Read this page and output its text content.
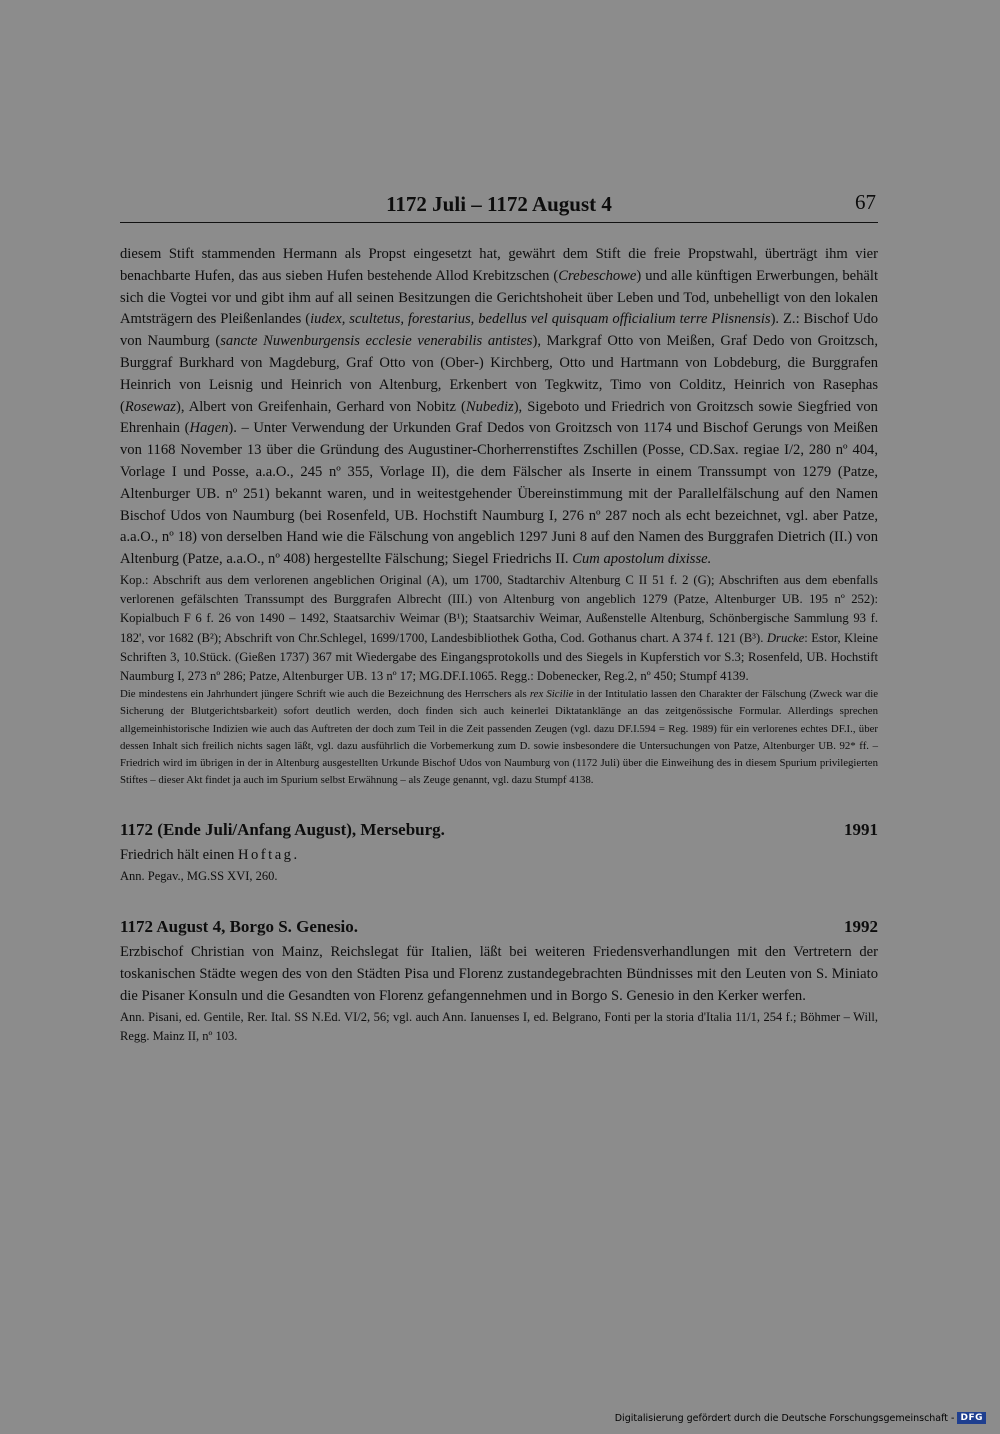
1172 Juli – 1172 August 4	67

diesem Stift stammenden Hermann als Propst eingesetzt hat, gewährt dem Stift die freie Propstwahl, überträgt ihm vier benachbarte Hufen, das aus sieben Hufen bestehende Allod Krebitzschen (Crebeschowe) und alle künftigen Erwerbungen, behält sich die Vogtei vor und gibt ihm auf all seinen Besitzungen die Gerichtshoheit über Leben und Tod, unbehelligt von den lokalen Amtsträgern des Pleißenlandes (iudex, scultetus, forestarius, bedellus vel quisquam officialium terre Plisnensis). Z.: Bischof Udo von Naumburg (sancte Nuwenburgensis ecclesie venerabilis antistes), Markgraf Otto von Meißen, Graf Dedo von Groitzsch, Burggraf Burkhard von Magdeburg, Graf Otto von (Ober-) Kirchberg, Otto und Hartmann von Lobdeburg, die Burggrafen Heinrich von Leisnig und Heinrich von Altenburg, Erkenbert von Tegkwitz, Timo von Colditz, Heinrich von Rasephas (Rosewaz), Albert von Greifenhain, Gerhard von Nobitz (Nubediz), Sigeboto und Friedrich von Groitzsch sowie Siegfried von Ehrenhain (Hagen). – Unter Verwendung der Urkunden Graf Dedos von Groitzsch von 1174 und Bischof Gerungs von Meißen von 1168 November 13 über die Gründung des Augustiner-Chorherrenstiftes Zschillen (Posse, CD.Sax. regiae I/2, 280 nº 404, Vorlage I und Posse, a.a.O., 245 nº 355, Vorlage II), die dem Fälscher als Inserte in einem Transsumpt von 1279 (Patze, Altenburger UB. nº 251) bekannt waren, und in weitestgehender Übereinstimmung mit der Parallelfälschung auf den Namen Bischof Udos von Naumburg (bei Rosenfeld, UB. Hochstift Naumburg I, 276 nº 287 noch als echt bezeichnet, vgl. aber Patze, a.a.O., nº 18) von derselben Hand wie die Fälschung von angeblich 1297 Juni 8 auf den Namen des Burggrafen Dietrich (II.) von Altenburg (Patze, a.a.O., nº 408) hergestellte Fälschung; Siegel Friedrichs II. Cum apostolum dixisse.

Kop.: Abschrift aus dem verlorenen angeblichen Original (A), um 1700, Stadtarchiv Altenburg C II 51 f. 2 (G); Abschriften aus dem ebenfalls verlorenen gefälschten Transsumpt des Burggrafen Albrecht (III.) von Altenburg von angeblich 1279 (Patze, Altenburger UB. 195 nº 252): Kopialbuch F 6 f. 26 von 1490 – 1492, Staatsarchiv Weimar (B¹); Staatsarchiv Weimar, Außenstelle Altenburg, Schönbergische Sammlung 93 f. 182', vor 1682 (B²); Abschrift von Chr.Schlegel, 1699/1700, Landesbibliothek Gotha, Cod. Gothanus chart. A 374 f. 121 (B³). Drucke: Estor, Kleine Schriften 3, 10.Stück. (Gießen 1737) 367 mit Wiedergabe des Eingangsprotokolls und des Siegels in Kupferstich vor S.3; Rosenfeld, UB. Hochstift Naumburg I, 273 nº 286; Patze, Altenburger UB. 13 nº 17; MG.DF.I.1065. Regg.: Dobenecker, Reg.2, nº 450; Stumpf 4139.

Die mindestens ein Jahrhundert jüngere Schrift wie auch die Bezeichnung des Herrschers als rex Sicilie in der Intitulatio lassen den Charakter der Fälschung (Zweck war die Sicherung der Blutgerichtsbarkeit) sofort deutlich werden, doch finden sich auch keinerlei Diktatanklänge an das zeitgenössische Formular. Allerdings sprechen allgemeinhistorische Indizien wie auch das Auftreten der doch zum Teil in die Zeit passenden Zeugen (vgl. dazu DF.I.594 = Reg. 1989) für ein verlorenes echtes DF.I., über dessen Inhalt sich freilich nichts sagen läßt, vgl. dazu ausführlich die Vorbemerkung zum D. sowie insbesondere die Untersuchungen von Patze, Altenburger UB. 92* ff. – Friedrich wird im übrigen in der in Altenburg ausgestellten Urkunde Bischof Udos von Naumburg von (1172 Juli) über die Einweihung des in diesem Spurium privilegierten Stiftes – dieser Akt findet ja auch im Spurium selbst Erwähnung – als Zeuge genannt, vgl. dazu Stumpf 4138.

1172 (Ende Juli/Anfang August), Merseburg.	1991

Friedrich hält einen Hoftag.

Ann. Pegav., MG.SS XVI, 260.

1172 August 4, Borgo S. Genesio.	1992

Erzbischof Christian von Mainz, Reichslegat für Italien, läßt bei weiteren Friedensverhandlungen mit den Vertretern der toskanischen Städte wegen des von den Städten Pisa und Florenz zustandegebrachten Bündnisses mit den Leuten von S. Miniato die Pisaner Konsuln und die Gesandten von Florenz gefangennehmen und in Borgo S. Genesio in den Kerker werfen.

Ann. Pisani, ed. Gentile, Rer. Ital. SS N.Ed. VI/2, 56; vgl. auch Ann. Ianuenses I, ed. Belgrano, Fonti per la storia d'Italia 11/1, 254 f.; Böhmer – Will, Regg. Mainz II, nº 103.

Digitalisierung gefördert durch die Deutsche Forschungsgemeinschaft - DFG
